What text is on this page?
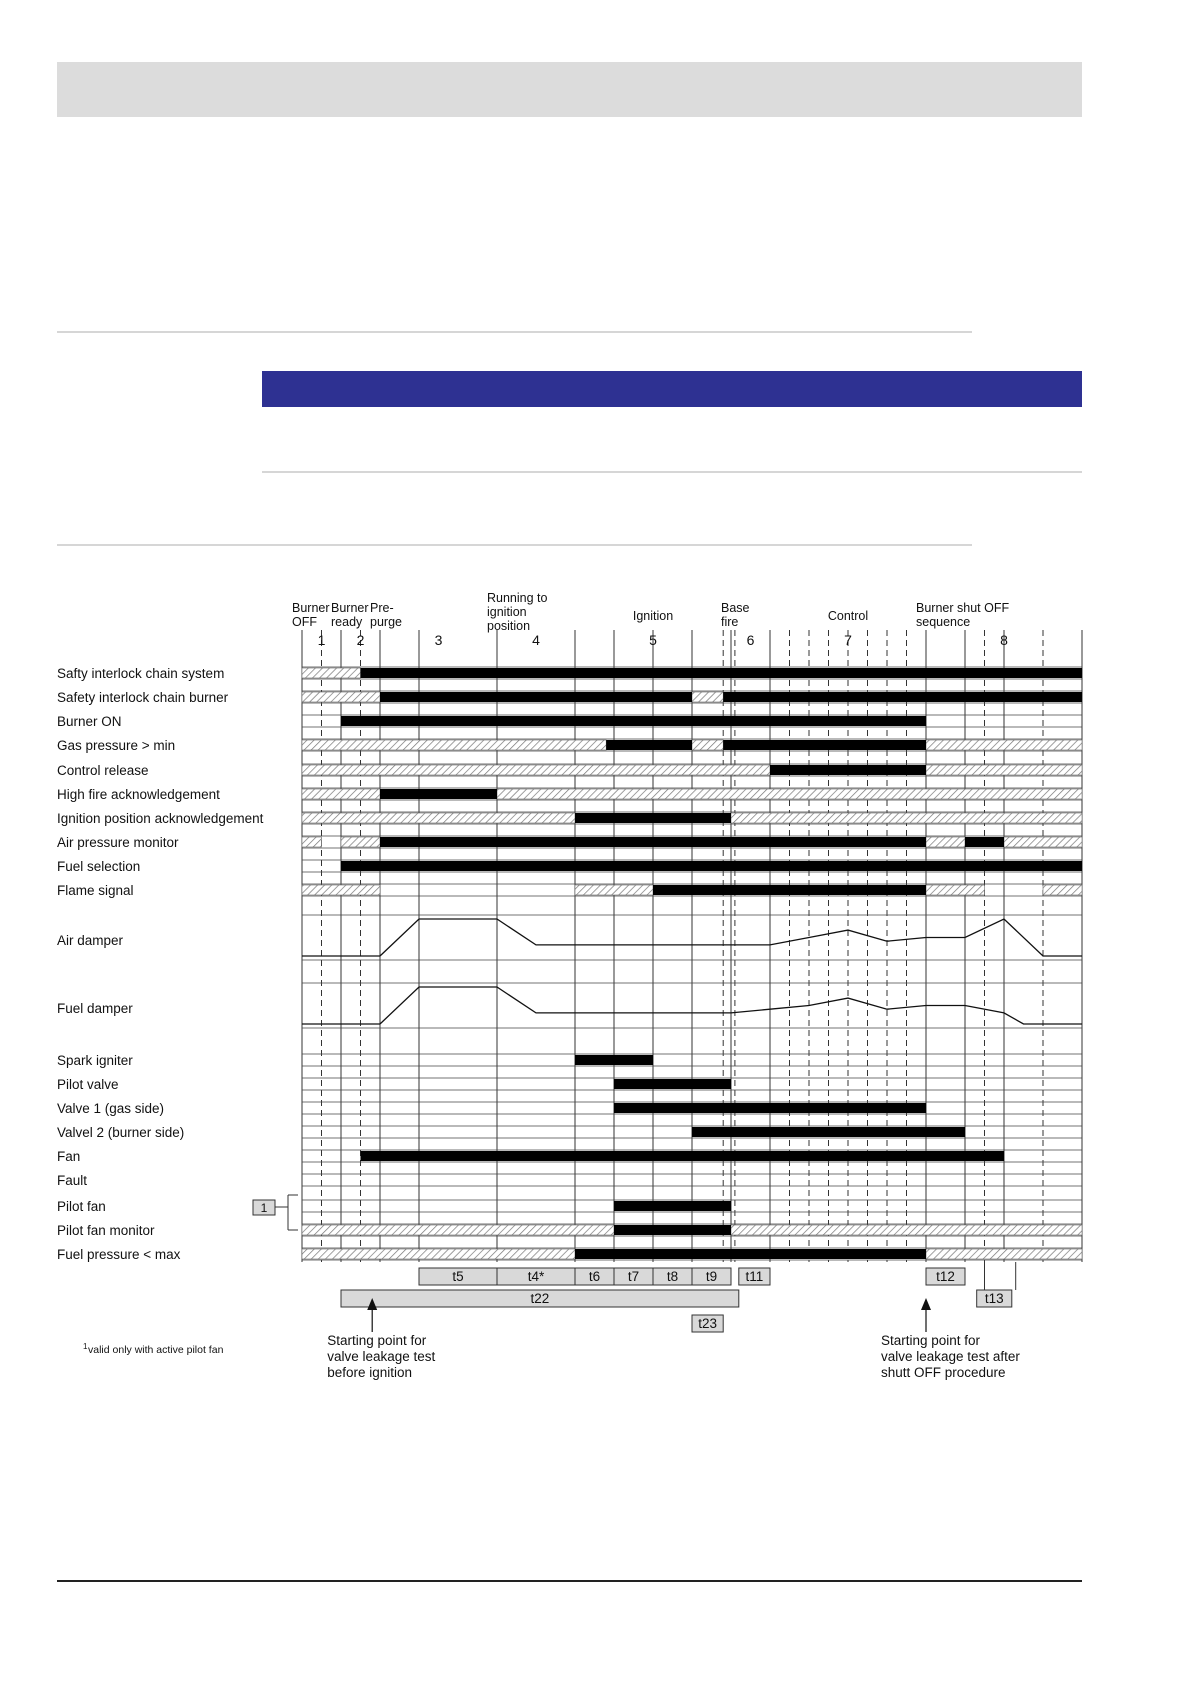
Safty interlock chain system
Safety interlock chain burner
Burner ON
Gas pressure > min
Control release
High fire acknowledgement
Ignition position acknowledgement
Air pressure monitor
Fuel selection
Flame signal
Air damper
Fuel damper
Spark igniter
Pilot valve
Valve 1 (gas side)
Valvel 2 (burner side)
Fan
Fault
Pilot fan
Pilot fan monitor
Fuel pressure < max
Burner
OFF
1
Burner
ready
2
Pre-
purge
3
Running to
ignition
position
4
Ignition
5
Base
fire
6
Control
7
Burner shut OFF
sequence
8
t5	t4*	t6 t7 t8 t9 t11	t12
t22	t13
t23
1
1 valid only with active pilot fan
Starting point for
valve leakage test
before ignition
Starting point for
valve leakage test after
shutt OFF procedure
